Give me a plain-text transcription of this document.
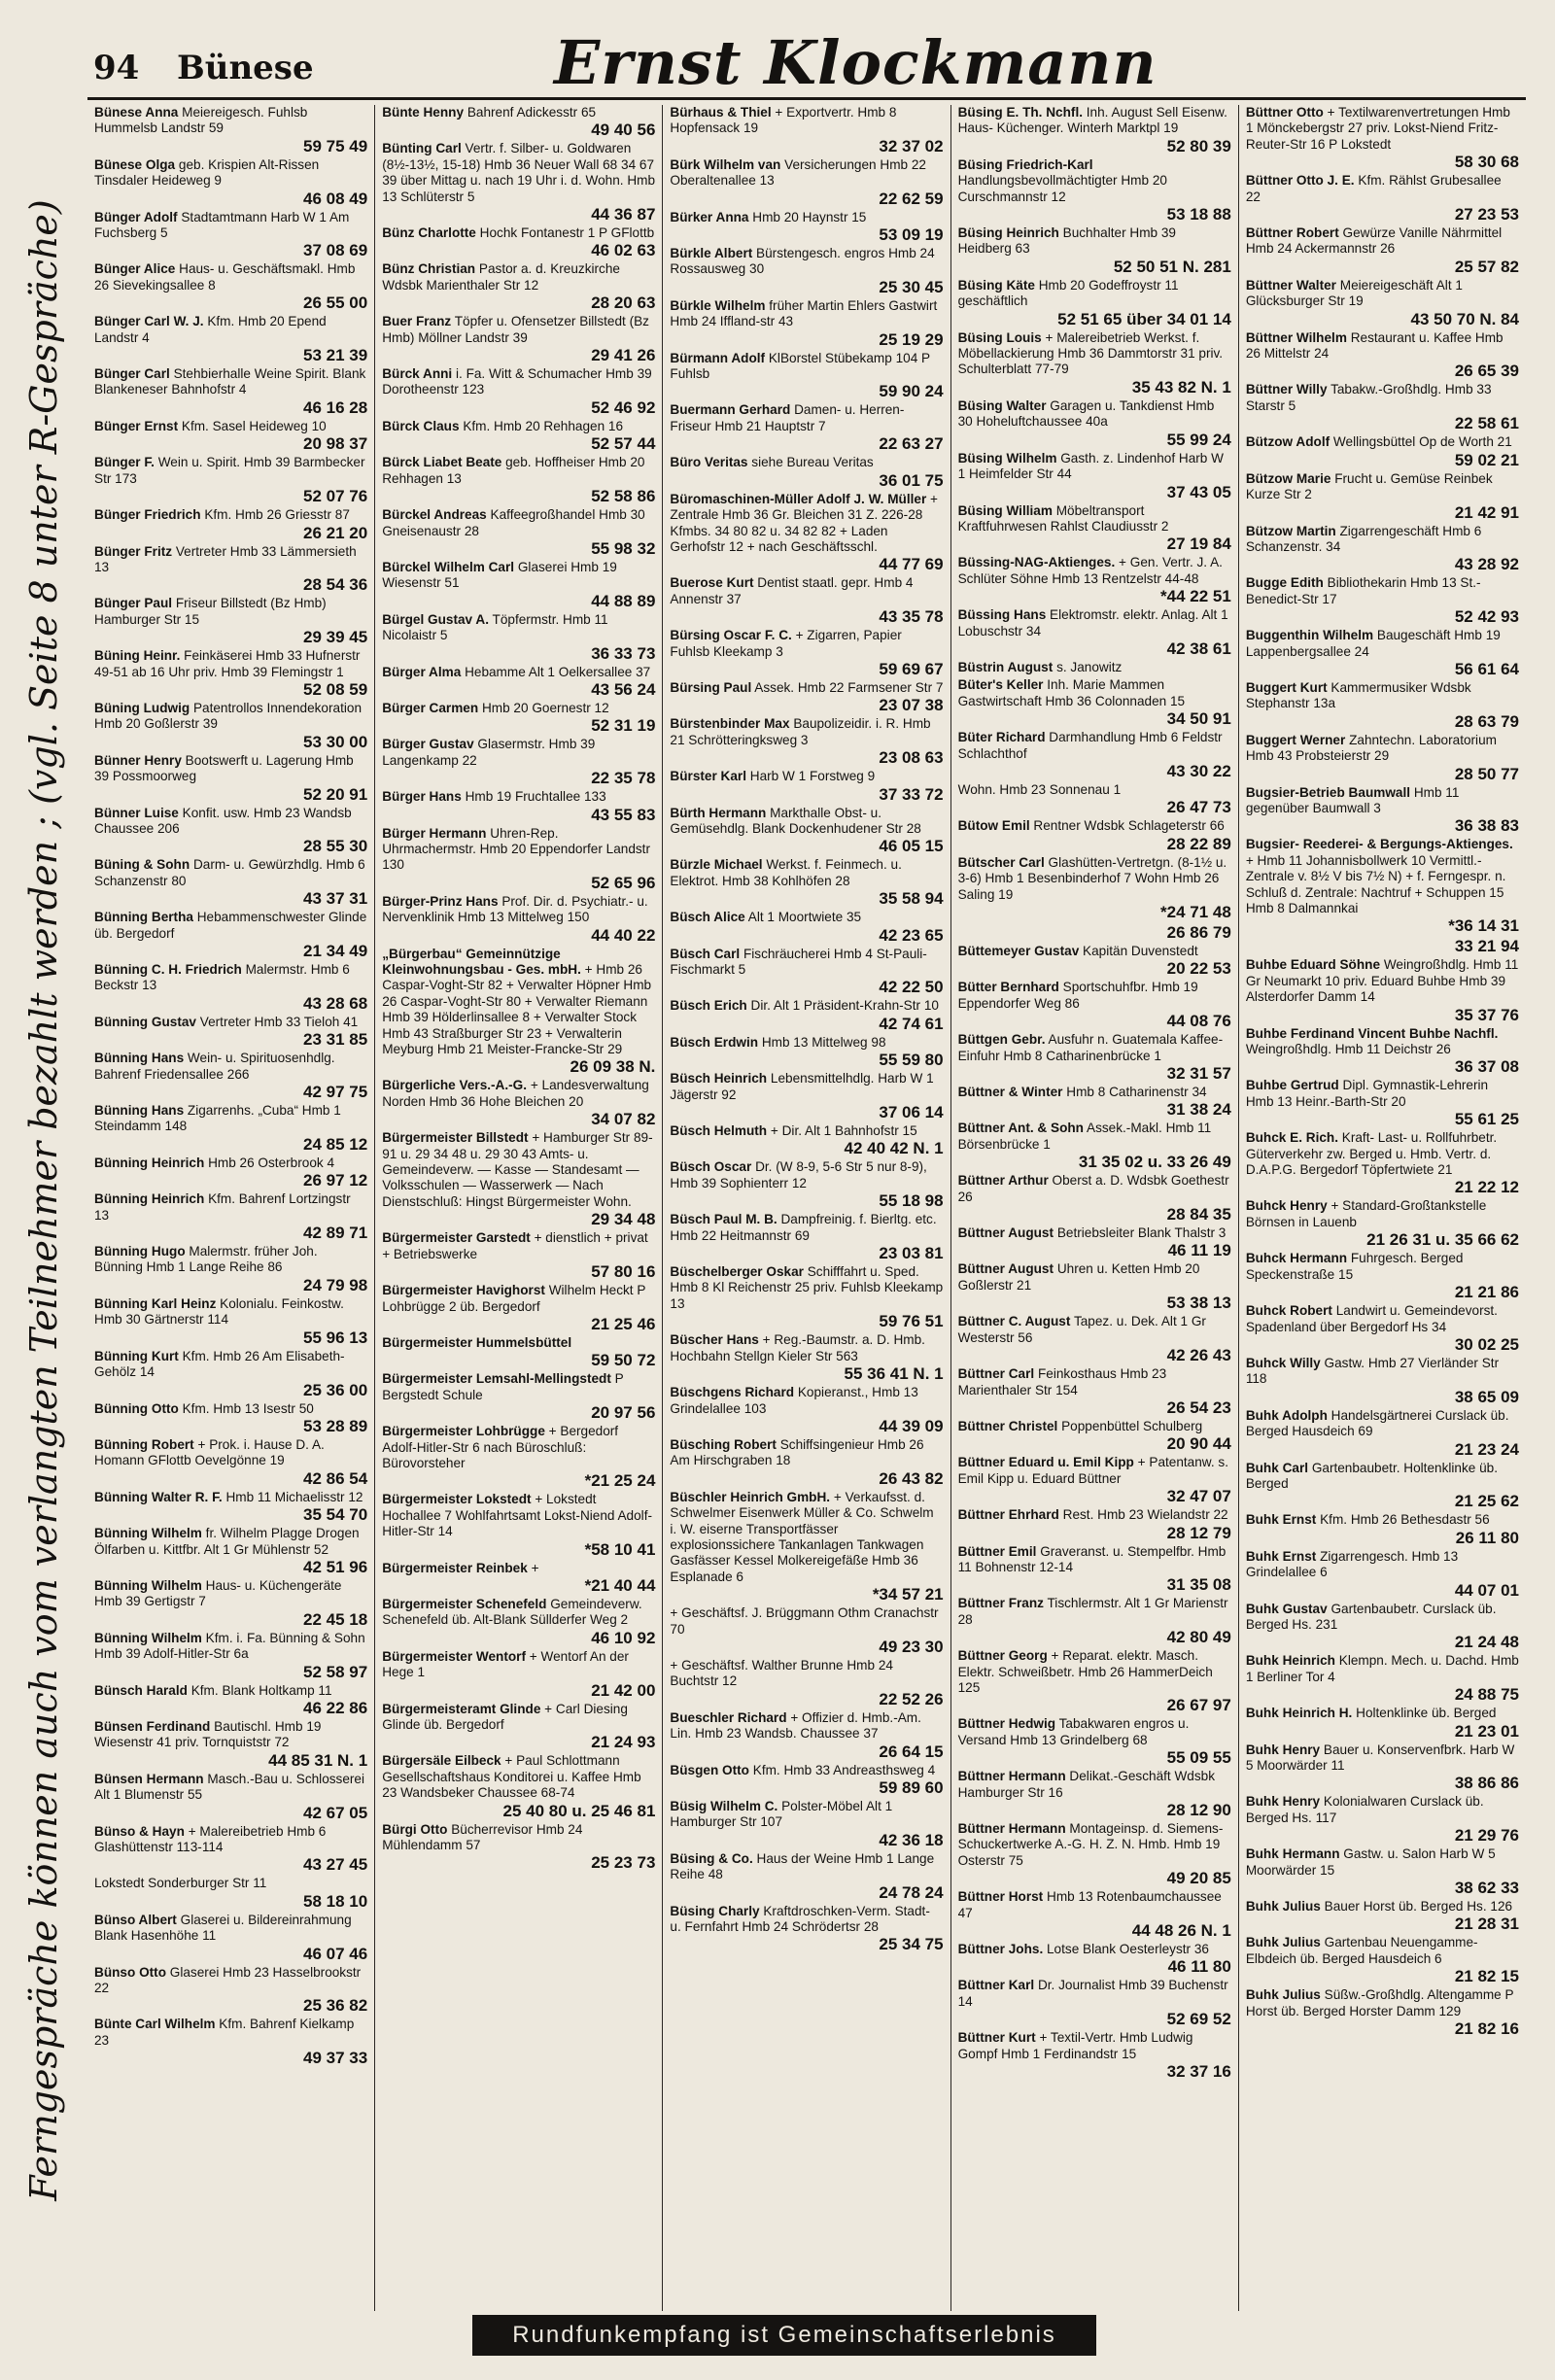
94 Bünese	Ernst Klockmann
Ferngespräche können auch vom verlangten Teilnehmer bezahlt werden ; (vgl. Seite 8 unter R-Gespräche)

Bünese Anna Meiereigesch. Fuhlsb Hummelsb Landstr 59
59 75 49

Bünese Olga geb. Krispien Alt-Rissen Tinsdaler Heideweg 9
46 08 49

Bünger Adolf Stadtamtmann Harb W 1 Am Fuchsberg 5
37 08 69

Bünger Alice Haus- u. Geschäftsmakl. Hmb 26 Sievekingsallee 8
26 55 00

Bünger Carl W. J. Kfm. Hmb 20 Epend Landstr 4
53 21 39

Bünger Carl Stehbierhalle Weine Spirit. Blank Blankeneser Bahnhofstr 4
46 16 28

Bünger Ernst Kfm. Sasel Heideweg 10
20 98 37

Bünger F. Wein u. Spirit. Hmb 39 Barmbecker Str 173
52 07 76

Bünger Friedrich Kfm. Hmb 26 Griesstr 87
26 21 20

Bünger Fritz Vertreter Hmb 33 Lämmersieth 13
28 54 36

Bünger Paul Friseur Billstedt (Bz Hmb) Hamburger Str 15
29 39 45

Büning Heinr. Feinkäserei Hmb 33 Hufnerstr 49-51 ab 16 Uhr priv. Hmb 39 Flemingstr 1
52 08 59

Büning Ludwig Patentrollos Innendekoration Hmb 20 Goßlerstr 39
53 30 00

Bünner Henry Bootswerft u. Lagerung Hmb 39 Possmoorweg
52 20 91

Bünner Luise Konfit. usw. Hmb 23 Wandsb Chaussee 206
28 55 30

Büning & Sohn Darm- u. Gewürzhdlg. Hmb 6 Schanzenstr 80
43 37 31

Bünning Bertha Hebammenschwester Glinde üb. Bergedorf
21 34 49

Bünning C. H. Friedrich Malermstr. Hmb 6 Beckstr 13
43 28 68

Bünning Gustav Vertreter Hmb 33 Tieloh 41
23 31 85

Bünning Hans Wein- u. Spirituosenhdlg. Bahrenf Friedensallee 266
42 97 75

Bünning Hans Zigarrenhs. „Cuba“ Hmb 1 Steindamm 148
24 85 12

Bünning Heinrich Hmb 26 Osterbrook 4
26 97 12

Bünning Heinrich Kfm. Bahrenf Lortzingstr 13
42 89 71

Bünning Hugo Malermstr. früher Joh. Bünning Hmb 1 Lange Reihe 86
24 79 98

Bünning Karl Heinz Kolonialu. Feinkostw. Hmb 30 Gärtnerstr 114
55 96 13

Bünning Kurt Kfm. Hmb 26 Am Elisabeth-Gehölz 14
25 36 00

Bünning Otto Kfm. Hmb 13 Isestr 50
53 28 89

Bünning Robert + Prok. i. Hause D. A. Homann GFlottb Oevelgönne 19
42 86 54

Bünning Walter R. F. Hmb 11 Michaelisstr 12
35 54 70

Bünning Wilhelm fr. Wilhelm Plagge Drogen Ölfarben u. Kittfbr. Alt 1 Gr Mühlenstr 52
42 51 96

Bünning Wilhelm Haus- u. Küchengeräte Hmb 39 Gertigstr 7
22 45 18

Bünning Wilhelm Kfm. i. Fa. Bünning & Sohn Hmb 39 Adolf-Hitler-Str 6a
52 58 97

Bünsch Harald Kfm. Blank Holtkamp 11
46 22 86

Bünsen Ferdinand Bautischl. Hmb 19 Wiesenstr 41 priv. Tornquiststr 72
44 85 31 N. 1

Bünsen Hermann Masch.-Bau u. Schlosserei Alt 1 Blumenstr 55
42 67 05

Bünso & Hayn + Malereibetrieb Hmb 6 Glashüttenstr 113-114
43 27 45

Lokstedt Sonderburger Str 11
58 18 10

Bünso Albert Glaserei u. Bildereinrahmung Blank Hasenhöhe 11
46 07 46

Bünso Otto Glaserei Hmb 23 Hasselbrookstr 22
25 36 82

Bünte Carl Wilhelm Kfm. Bahrenf Kielkamp 23
49 37 33

Bünte Henny Bahrenf Adickesstr 65
49 40 56

Bünting Carl Vertr. f. Silber- u. Goldwaren (8½-13½, 15-18) Hmb 36 Neuer Wall 68 34 67 39 über Mittag u. nach 19 Uhr i. d. Wohn. Hmb 13 Schlüterstr 5
44 36 87

Bünz Charlotte Hochk Fontanestr 1 P GFlottb
46 02 63

Bünz Christian Pastor a. d. Kreuzkirche Wdsbk Marienthaler Str 12
28 20 63

Buer Franz Töpfer u. Ofensetzer Billstedt (Bz Hmb) Möllner Landstr 39
29 41 26

Bürck Anni i. Fa. Witt & Schumacher Hmb 39 Dorotheenstr 123
52 46 92

Bürck Claus Kfm. Hmb 20 Rehhagen 16
52 57 44

Bürck Liabet Beate geb. Hoffheiser Hmb 20 Rehhagen 13
52 58 86

Bürckel Andreas Kaffeegroßhandel Hmb 30 Gneisenaustr 28
55 98 32

Bürckel Wilhelm Carl Glaserei Hmb 19 Wiesenstr 51
44 88 89

Bürgel Gustav A. Töpfermstr. Hmb 11 Nicolaistr 5
36 33 73

Bürger Alma Hebamme Alt 1 Oelkersallee 37
43 56 24

Bürger Carmen Hmb 20 Goernestr 12
52 31 19

Bürger Gustav Glasermstr. Hmb 39 Langenkamp 22
22 35 78

Bürger Hans Hmb 19 Fruchtallee 133
43 55 83

Bürger Hermann Uhren-Rep. Uhrmachermstr. Hmb 20 Eppendorfer Landstr 130
52 65 96

Bürger-Prinz Hans Prof. Dir. d. Psychiatr.- u. Nervenklinik Hmb 13 Mittelweg 150
44 40 22

„Bürgerbau“ Gemeinnützige Kleinwohnungsbau - Ges. mbH. + Hmb 26 Caspar-Voght-Str 82 + Verwalter Höpner Hmb 26 Caspar-Voght-Str 80 + Verwalter Riemann Hmb 39 Hölderlinsallee 8 + Verwalter Stock Hmb 43 Straßburger Str 23 + Verwalterin Meyburg Hmb 21 Meister-Francke-Str 29
26 09 38 N.

Bürgerliche Vers.-A.-G. + Landesverwaltung Norden Hmb 36 Hohe Bleichen 20
34 07 82

Bürgermeister Billstedt + Hamburger Str 89-91 u. 29 34 48 u. 29 30 43 Amts- u. Gemeindeverw. — Kasse — Standesamt — Volksschulen — Wasserwerk — Nach Dienstschluß: Hingst Bürgermeister Wohn.
29 34 48

Bürgermeister Garstedt + dienstlich + privat + Betriebswerke
57 80 16

Bürgermeister Havighorst Wilhelm Heckt P Lohbrügge 2 üb. Bergedorf
21 25 46

Bürgermeister Hummelsbüttel
59 50 72

Bürgermeister Lemsahl-Mellingstedt P Bergstedt Schule
20 97 56

Bürgermeister Lohbrügge + Bergedorf Adolf-Hitler-Str 6 nach Büroschluß: Bürovorsteher
*21 25 24

Bürgermeister Lokstedt + Lokstedt Hochallee 7 Wohlfahrtsamt Lokst-Niend Adolf-Hitler-Str 14
*58 10 41

Bürgermeister Reinbek +
*21 40 44

Bürgermeister Schenefeld Gemeindeverw. Schenefeld üb. Alt-Blank Süllderfer Weg 2
46 10 92

Bürgermeister Wentorf + Wentorf An der Hege 1
21 42 00

Bürgermeisteramt Glinde + Carl Diesing Glinde üb. Bergedorf
21 24 93

Bürgersäle Eilbeck + Paul Schlottmann Gesellschaftshaus Konditorei u. Kaffee Hmb 23 Wandsbeker Chaussee 68-74
25 40 80 u. 25 46 81

Bürgi Otto Bücherrevisor Hmb 24 Mühlendamm 57
25 23 73

Bürhaus & Thiel + Exportvertr. Hmb 8 Hopfensack 19
32 37 02

Bürk Wilhelm van Versicherungen Hmb 22 Oberaltenallee 13
22 62 59

Bürker Anna Hmb 20 Haynstr 15
53 09 19

Bürkle Albert Bürstengesch. engros Hmb 24 Rossausweg 30
25 30 45

Bürkle Wilhelm früher Martin Ehlers Gastwirt Hmb 24 Iffland-str 43
25 19 29

Bürmann Adolf KlBorstel Stübekamp 104 P Fuhlsb
59 90 24

Buermann Gerhard Damen- u. Herren-Friseur Hmb 21 Hauptstr 7
22 63 27

Büro Veritas siehe Bureau Veritas
36 01 75

Büromaschinen-Müller Adolf J. W. Müller + Zentrale Hmb 36 Gr. Bleichen 31 Z. 226-28 Kfmbs. 34 80 82 u. 34 82 82 + Laden Gerhofstr 12 + nach Geschäftsschl.
44 77 69

Buerose Kurt Dentist staatl. gepr. Hmb 4 Annenstr 37
43 35 78

Bürsing Oscar F. C. + Zigarren, Papier Fuhlsb Kleekamp 3
59 69 67

Bürsing Paul Assek. Hmb 22 Farmsener Str 7
23 07 38

Bürstenbinder Max Baupolizeidir. i. R. Hmb 21 Schrötteringksweg 3
23 08 63

Bürster Karl Harb W 1 Forstweg 9
37 33 72

Bürth Hermann Markthalle Obst- u. Gemüsehdlg. Blank Dockenhudener Str 28
46 05 15

Bürzle Michael Werkst. f. Feinmech. u. Elektrot. Hmb 38 Kohlhöfen 28
35 58 94

Büsch Alice Alt 1 Moortwiete 35
42 23 65

Büsch Carl Fischräucherei Hmb 4 St-Pauli-Fischmarkt 5
42 22 50

Büsch Erich Dir. Alt 1 Präsident-Krahn-Str 10
42 74 61

Büsch Erdwin Hmb 13 Mittelweg 98
55 59 80

Büsch Heinrich Lebensmittelhdlg. Harb W 1 Jägerstr 92
37 06 14

Büsch Helmuth + Dir. Alt 1 Bahnhofstr 15
42 40 42 N. 1

Büsch Oscar Dr. (W 8-9, 5-6 Str 5 nur 8-9), Hmb 39 Sophienterr 12
55 18 98

Büsch Paul M. B. Dampfreinig. f. Bierltg. etc. Hmb 22 Heitmannstr 69
23 03 81

Büschelberger Oskar Schifffahrt u. Sped. Hmb 8 Kl Reichenstr 25 priv. Fuhlsb Kleekamp 13
59 76 51

Büscher Hans + Reg.-Baumstr. a. D. Hmb. Hochbahn Stellgn Kieler Str 563
55 36 41 N. 1

Büschgens Richard Kopieranst., Hmb 13 Grindelallee 103
44 39 09

Büsching Robert Schiffsingenieur Hmb 26 Am Hirschgraben 18
26 43 82

Büschler Heinrich GmbH. + Verkaufsst. d. Schwelmer Eisenwerk Müller & Co. Schwelm i. W. eiserne Transportfässer explosionssichere Tankanlagen Tankwagen Gasfässer Kessel Molkereigefäße Hmb 36 Esplanade 6
*34 57 21

+ Geschäftsf. J. Brüggmann Othm Cranachstr 70
49 23 30

+ Geschäftsf. Walther Brunne Hmb 24 Buchtstr 12
22 52 26

Bueschler Richard + Offizier d. Hmb.-Am. Lin. Hmb 23 Wandsb. Chaussee 37
26 64 15

Büsgen Otto Kfm. Hmb 33 Andreasthsweg 4
59 89 60

Büsig Wilhelm C. Polster-Möbel Alt 1 Hamburger Str 107
42 36 18

Büsing & Co. Haus der Weine Hmb 1 Lange Reihe 48
24 78 24

Büsing Charly Kraftdroschken-Verm. Stadt- u. Fernfahrt Hmb 24 Schrödertsr 28
25 34 75

Büsing E. Th. Nchfl. Inh. August Sell Eisenw. Haus- Küchenger. Winterh Marktpl 19
52 80 39

Büsing Friedrich-Karl Handlungsbevollmächtigter Hmb 20 Curschmannstr 12
53 18 88

Büsing Heinrich Buchhalter Hmb 39 Heidberg 63
52 50 51 N. 281

Büsing Käte Hmb 20 Godeffroystr 11 geschäftlich
52 51 65 über 34 01 14

Büsing Louis + Malereibetrieb Werkst. f. Möbellackierung Hmb 36 Dammtorstr 31 priv. Schulterblatt 77-79
35 43 82 N. 1

Büsing Walter Garagen u. Tankdienst Hmb 30 Hoheluftchaussee 40a
55 99 24

Büsing Wilhelm Gasth. z. Lindenhof Harb W 1 Heimfelder Str 44
37 43 05

Büsing William Möbeltransport Kraftfuhrwesen Rahlst Claudiusstr 2
27 19 84

Büssing-NAG-Aktienges. + Gen. Vertr. J. A. Schlüter Söhne Hmb 13 Rentzelstr 44-48
*44 22 51

Büssing Hans Elektromstr. elektr. Anlag. Alt 1 Lobuschstr 34
42 38 61

Büstrin August s. Janowitz

Büter's Keller Inh. Marie Mammen Gastwirtschaft Hmb 36 Colonnaden 15
34 50 91

Büter Richard Darmhandlung Hmb 6 Feldstr Schlachthof
43 30 22

Wohn. Hmb 23 Sonnenau 1
26 47 73

Bütow Emil Rentner Wdsbk Schlageterstr 66
28 22 89

Bütscher Carl Glashütten-Vertretgn. (8-1½ u. 3-6) Hmb 1 Besenbinderhof 7 Wohn Hmb 26 Saling 19
*24 71 48

26 86 79

Büttemeyer Gustav Kapitän Duvenstedt
20 22 53

Bütter Bernhard Sportschuhfbr. Hmb 19 Eppendorfer Weg 86
44 08 76

Büttgen Gebr. Ausfuhr n. Guatemala Kaffee-Einfuhr Hmb 8 Catharinenbrücke 1
32 31 57

Büttner & Winter Hmb 8 Catharinenstr 34
31 38 24

Büttner Ant. & Sohn Assek.-Makl. Hmb 11 Börsenbrücke 1
31 35 02 u. 33 26 49

Büttner Arthur Oberst a. D. Wdsbk Goethestr 26
28 84 35

Büttner August Betriebsleiter Blank Thalstr 3
46 11 19

Büttner August Uhren u. Ketten Hmb 20 Goßlerstr 21
53 38 13

Büttner C. August Tapez. u. Dek. Alt 1 Gr Westerstr 56
42 26 43

Büttner Carl Feinkosthaus Hmb 23 Marienthaler Str 154
26 54 23

Büttner Christel Poppenbüttel Schulberg
20 90 44

Büttner Eduard u. Emil Kipp + Patentanw. s. Emil Kipp u. Eduard Büttner
32 47 07

Büttner Ehrhard Rest. Hmb 23 Wielandstr 22
28 12 79

Büttner Emil Graveranst. u. Stempelfbr. Hmb 11 Bohnenstr 12-14
31 35 08

Büttner Franz Tischlermstr. Alt 1 Gr Marienstr 28
42 80 49

Büttner Georg + Reparat. elektr. Masch. Elektr. Schweißbetr. Hmb 26 HammerDeich 125
26 67 97

Büttner Hedwig Tabakwaren engros u. Versand Hmb 13 Grindelberg 68
55 09 55

Büttner Hermann Delikat.-Geschäft Wdsbk Hamburger Str 16
28 12 90

Büttner Hermann Montageinsp. d. Siemens-Schuckertwerke A.-G. H. Z. N. Hmb. Hmb 19 Osterstr 75
49 20 85

Büttner Horst Hmb 13 Rotenbaumchaussee 47
44 48 26 N. 1

Büttner Johs. Lotse Blank Oesterleystr 36
46 11 80

Büttner Karl Dr. Journalist Hmb 39 Buchenstr 14
52 69 52

Büttner Kurt + Textil-Vertr. Hmb Ludwig Gompf Hmb 1 Ferdinandstr 15
32 37 16

Büttner Otto + Textilwarenvertretungen Hmb 1 Mönckebergstr 27 priv. Lokst-Niend Fritz-Reuter-Str 16 P Lokstedt
58 30 68

Büttner Otto J. E. Kfm. Rählst Grubesallee 22
27 23 53

Büttner Robert Gewürze Vanille Nährmittel Hmb 24 Ackermannstr 26
25 57 82

Büttner Walter Meiereigeschäft Alt 1 Glücksburger Str 19
43 50 70 N. 84

Büttner Wilhelm Restaurant u. Kaffee Hmb 26 Mittelstr 24
26 65 39

Büttner Willy Tabakw.-Großhdlg. Hmb 33 Starstr 5
22 58 61

Bützow Adolf Wellingsbüttel Op de Worth 21
59 02 21

Bützow Marie Frucht u. Gemüse Reinbek Kurze Str 2
21 42 91

Bützow Martin Zigarrengeschäft Hmb 6 Schanzenstr. 34
43 28 92

Bugge Edith Bibliothekarin Hmb 13 St.-Benedict-Str 17
52 42 93

Buggenthin Wilhelm Baugeschäft Hmb 19 Lappenbergsallee 24
56 61 64

Buggert Kurt Kammermusiker Wdsbk Stephanstr 13a
28 63 79

Buggert Werner Zahntechn. Laboratorium Hmb 43 Probsteierstr 29
28 50 77

Bugsier-Betrieb Baumwall Hmb 11 gegenüber Baumwall 3
36 38 83

Bugsier- Reederei- & Bergungs-Aktienges. + Hmb 11 Johannisbollwerk 10 Vermittl.-Zentrale v. 8½ V bis 7½ N) + f. Ferngespr. n. Schluß d. Zentrale: Nachtruf + Schuppen 15 Hmb 8 Dalmannkai
*36 14 31

33 21 94

Buhbe Eduard Söhne Weingroßhdlg. Hmb 11 Gr Neumarkt 10 priv. Eduard Buhbe Hmb 39 Alsterdorfer Damm 14
35 37 76

Buhbe Ferdinand Vincent Buhbe Nachfl. Weingroßhdlg. Hmb 11 Deichstr 26
36 37 08

Buhbe Gertrud Dipl. Gymnastik-Lehrerin Hmb 13 Heinr.-Barth-Str 20
55 61 25

Buhck E. Rich. Kraft- Last- u. Rollfuhrbetr. Güterverkehr zw. Berged u. Hmb. Vertr. d. D.A.P.G. Bergedorf Töpfertwiete 21
21 22 12

Buhck Henry + Standard-Großtankstelle Börnsen in Lauenb
21 26 31 u. 35 66 62

Buhck Hermann Fuhrgesch. Berged Speckenstraße 15
21 21 86

Buhck Robert Landwirt u. Gemeindevorst. Spadenland über Bergedorf Hs 34
30 02 25

Buhck Willy Gastw. Hmb 27 Vierländer Str 118
38 65 09

Buhk Adolph Handelsgärtnerei Curslack üb. Berged Hausdeich 69
21 23 24

Buhk Carl Gartenbaubetr. Holtenklinke üb. Berged
21 25 62

Buhk Ernst Kfm. Hmb 26 Bethesdastr 56
26 11 80

Buhk Ernst Zigarrengesch. Hmb 13 Grindelallee 6
44 07 01

Buhk Gustav Gartenbaubetr. Curslack üb. Berged Hs. 231
21 24 48

Buhk Heinrich Klempn. Mech. u. Dachd. Hmb 1 Berliner Tor 4
24 88 75

Buhk Heinrich H. Holtenklinke üb. Berged
21 23 01

Buhk Henry Bauer u. Konservenfbrk. Harb W 5 Moorwärder 11
38 86 86

Buhk Henry Kolonialwaren Curslack üb. Berged Hs. 117
21 29 76

Buhk Hermann Gastw. u. Salon Harb W 5 Moorwärder 15
38 62 33

Buhk Julius Bauer Horst üb. Berged Hs. 126
21 28 31

Buhk Julius Gartenbau Neuengamme-Elbdeich üb. Berged Hausdeich 6
21 82 15

Buhk Julius Süßw.-Großhdlg. Altengamme P Horst üb. Berged Horster Damm 129
21 82 16

Rundfunkempfang ist Gemeinschaftserlebnis
